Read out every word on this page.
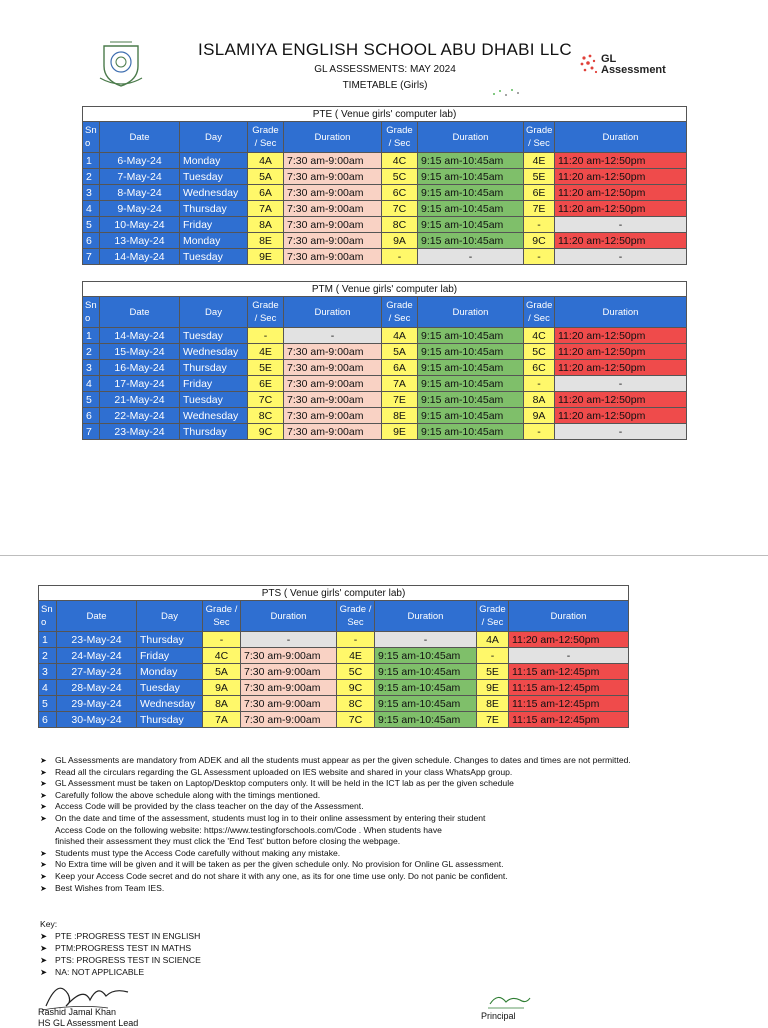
ISLAMIYA ENGLISH SCHOOL ABU DHABI LLC
GL ASSESSMENTS: MAY 2024
TIMETABLE (Girls)
GL
Assessment
PTE ( Venue girls' computer lab)								
Sn o	Date	Day	Grade / Sec	Duration	Grade / Sec	Duration	Grade / Sec	Duration
1	6-May-24	Monday	4A	7:30 am-9:00am	4C	9:15 am-10:45am	4E	11:20 am-12:50pm
2	7-May-24	Tuesday	5A	7:30 am-9:00am	5C	9:15 am-10:45am	5E	11:20 am-12:50pm
3	8-May-24	Wednesday	6A	7:30 am-9:00am	6C	9:15 am-10:45am	6E	11:20 am-12:50pm
4	9-May-24	Thursday	7A	7:30 am-9:00am	7C	9:15 am-10:45am	7E	11:20 am-12:50pm
5	10-May-24	Friday	8A	7:30 am-9:00am	8C	9:15 am-10:45am	-	-
6	13-May-24	Monday	8E	7:30 am-9:00am	9A	9:15 am-10:45am	9C	11:20 am-12:50pm
7	14-May-24	Tuesday	9E	7:30 am-9:00am	-	-	-	-
PTM ( Venue girls' computer lab)								
Sn o	Date	Day	Grade / Sec	Duration	Grade / Sec	Duration	Grade / Sec	Duration
1	14-May-24	Tuesday	-	-	4A	9:15 am-10:45am	4C	11:20 am-12:50pm
2	15-May-24	Wednesday	4E	7:30 am-9:00am	5A	9:15 am-10:45am	5C	11:20 am-12:50pm
3	16-May-24	Thursday	5E	7:30 am-9:00am	6A	9:15 am-10:45am	6C	11:20 am-12:50pm
4	17-May-24	Friday	6E	7:30 am-9:00am	7A	9:15 am-10:45am	-	-
5	21-May-24	Tuesday	7C	7:30 am-9:00am	7E	9:15 am-10:45am	8A	11:20 am-12:50pm
6	22-May-24	Wednesday	8C	7:30 am-9:00am	8E	9:15 am-10:45am	9A	11:20 am-12:50pm
7	23-May-24	Thursday	9C	7:30 am-9:00am	9E	9:15 am-10:45am	-	-
PTS ( Venue girls' computer lab)								
Sn o	Date	Day	Grade / Sec	Duration	Grade / Sec	Duration	Grade / Sec	Duration
1	23-May-24	Thursday	-	-	-	-	4A	11:20 am-12:50pm
2	24-May-24	Friday	4C	7:30 am-9:00am	4E	9:15 am-10:45am	-	-
3	27-May-24	Monday	5A	7:30 am-9:00am	5C	9:15 am-10:45am	5E	11:15 am-12:45pm
4	28-May-24	Tuesday	9A	7:30 am-9:00am	9C	9:15 am-10:45am	9E	11:15 am-12:45pm
5	29-May-24	Wednesday	8A	7:30 am-9:00am	8C	9:15 am-10:45am	8E	11:15 am-12:45pm
6	30-May-24	Thursday	7A	7:30 am-9:00am	7C	9:15 am-10:45am	7E	11:15 am-12:45pm
➤ GL Assessments are mandatory from ADEK and all the students must appear as per the given schedule. Changes to dates and times are not permitted.
➤ Read all the circulars regarding the GL Assessment uploaded on IES website and shared in your class WhatsApp group.
➤ GL Assessment must be taken on Laptop/Desktop computers only. It will be held in the ICT lab as per the given schedule
➤ Carefully follow the above schedule along with the timings mentioned.
➤ Access Code will be provided by the class teacher on the day of the Assessment.
➤ On the date and time of the assessment, students must log in to their online assessment by entering their student
Access Code on the following website: https://www.testingforschools.com/Code . When students have
finished their assessment they must click the 'End Test' button before closing the webpage.
➤ Students must type the Access Code carefully without making any mistake.
➤ No Extra time will be given and it will be taken as per the given schedule only. No provision for Online GL assessment.
➤ Keep your Access Code secret and do not share it with any one, as its for one time use only. Do not panic be confident.
➤ Best Wishes from Team IES.
Key:
➤ PTE :PROGRESS TEST IN ENGLISH
➤ PTM:PROGRESS TEST IN MATHS
➤ PTS: PROGRESS TEST IN SCIENCE
➤ NA: NOT APPLICABLE
Rashid Jamal Khan
HS GL Assessment Lead
Principal
